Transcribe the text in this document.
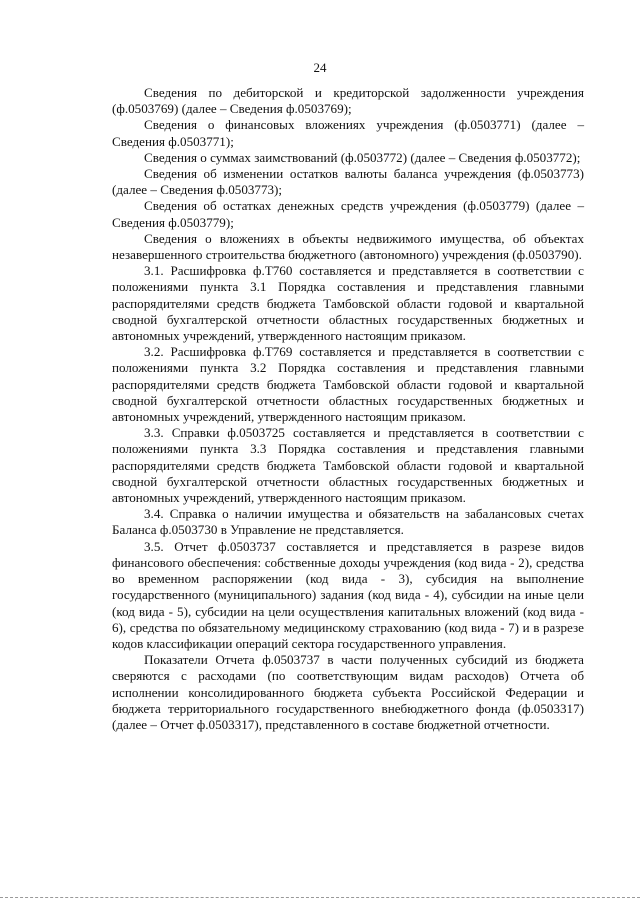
24

Сведения по дебиторской и кредиторской задолженности учреждения (ф.0503769) (далее – Сведения ф.0503769);

Сведения о финансовых вложениях учреждения (ф.0503771) (далее – Сведения ф.0503771);

Сведения о суммах заимствований (ф.0503772) (далее – Сведения ф.0503772);

Сведения об изменении остатков валюты баланса учреждения (ф.0503773) (далее – Сведения ф.0503773);

Сведения об остатках денежных средств учреждения (ф.0503779) (далее – Сведения ф.0503779);

Сведения о вложениях в объекты недвижимого имущества, об объектах незавершенного строительства бюджетного (автономного) учреждения (ф.0503790).

3.1. Расшифровка ф.Т760 составляется и представляется в соответствии с положениями пункта 3.1 Порядка составления и представления главными распорядителями средств бюджета Тамбовской области годовой и квартальной сводной бухгалтерской отчетности областных государственных бюджетных и автономных учреждений, утвержденного настоящим приказом.

3.2. Расшифровка ф.Т769 составляется и представляется в соответствии с положениями пункта 3.2 Порядка составления и представления главными распорядителями средств бюджета Тамбовской области годовой и квартальной сводной бухгалтерской отчетности областных государственных бюджетных и автономных учреждений, утвержденного настоящим приказом.

3.3. Справки ф.0503725 составляется и представляется в соответствии с положениями пункта 3.3 Порядка составления и представления главными распорядителями средств бюджета Тамбовской области годовой и квартальной сводной бухгалтерской отчетности областных государственных бюджетных и автономных учреждений, утвержденного настоящим приказом.

3.4. Справка о наличии имущества и обязательств на забалансовых счетах Баланса ф.0503730 в Управление не представляется.

3.5. Отчет ф.0503737 составляется и представляется в разрезе видов финансового обеспечения: собственные доходы учреждения (код вида - 2), средства во временном распоряжении (код вида - 3), субсидия на выполнение государственного (муниципального) задания (код вида - 4), субсидии на иные цели (код вида - 5), субсидии на цели осуществления капитальных вложений (код вида - 6), средства по обязательному медицинскому страхованию (код вида - 7) и в разрезе кодов классификации операций сектора государственного управления.

Показатели Отчета ф.0503737 в части полученных субсидий из бюджета сверяются с расходами (по соответствующим видам расходов) Отчета об исполнении консолидированного бюджета субъекта Российской Федерации и бюджета территориального государственного внебюджетного фонда (ф.0503317) (далее – Отчет ф.0503317), представленного в составе бюджетной отчетности.
